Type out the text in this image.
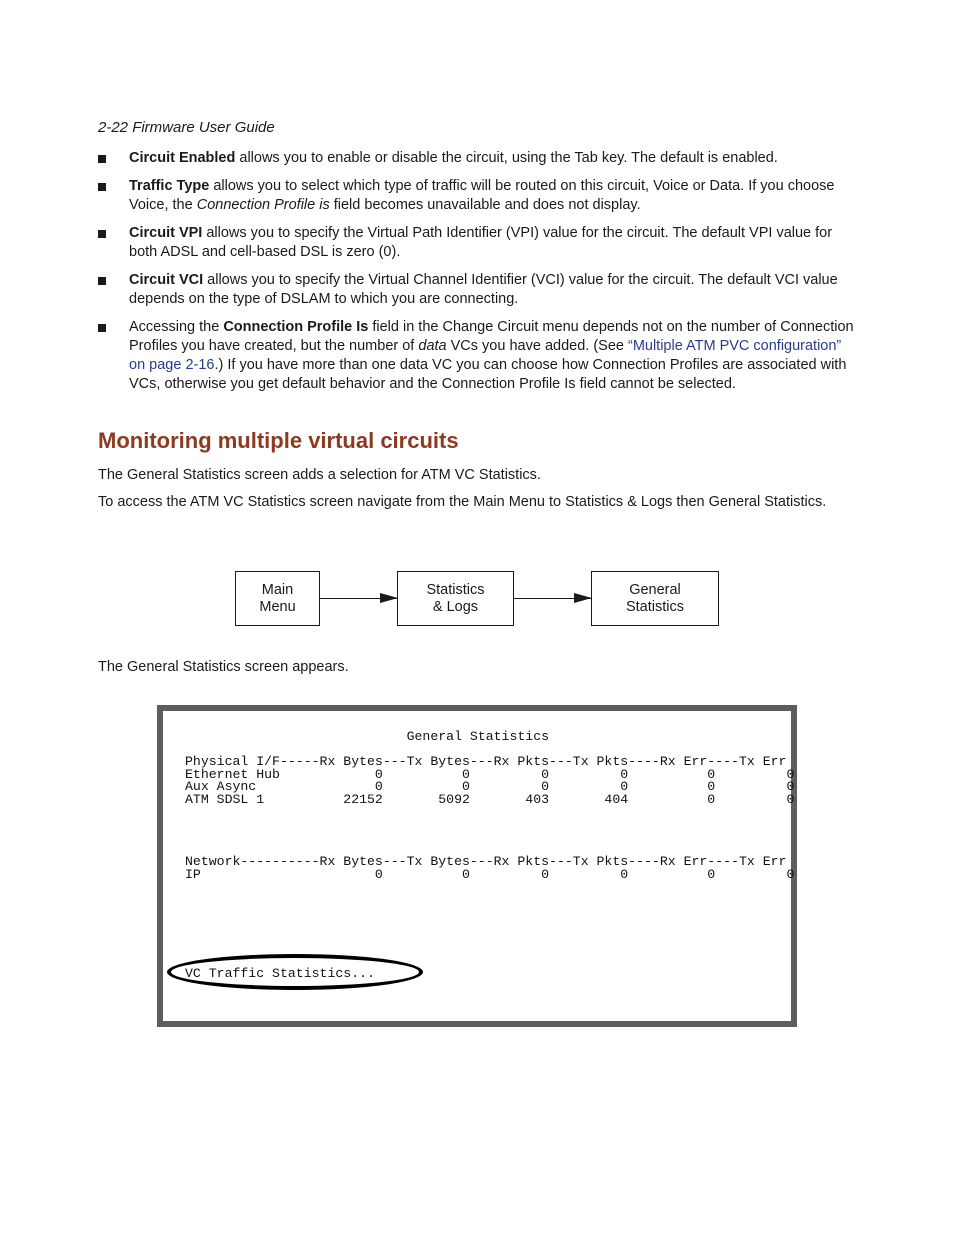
2-22 Firmware User Guide
Circuit Enabled allows you to enable or disable the circuit, using the Tab key. The default is enabled.
Traffic Type allows you to select which type of traffic will be routed on this circuit, Voice or Data. If you choose Voice, the Connection Profile is field becomes unavailable and does not display.
Circuit VPI allows you to specify the Virtual Path Identifier (VPI) value for the circuit. The default VPI value for both ADSL and cell-based DSL is zero (0).
Circuit VCI allows you to specify the Virtual Channel Identifier (VCI) value for the circuit. The default VCI value depends on the type of DSLAM to which you are connecting.
Accessing the Connection Profile Is field in the Change Circuit menu depends not on the number of Connection Profiles you have created, but the number of data VCs you have added. (See “Multiple ATM PVC configuration” on page 2-16.) If you have more than one data VC you can choose how Connection Profiles are associated with VCs, otherwise you get default behavior and the Connection Profile Is field cannot be selected.
Monitoring multiple virtual circuits

The General Statistics screen adds a selection for ATM VC Statistics.

To access the ATM VC Statistics screen navigate from the Main Menu to Statistics & Logs then General Statistics.

Main
Menu
Statistics
& Logs
General
Statistics

The General Statistics screen appears.

General Statistics
Physical I/F-----Rx Bytes---Tx Bytes---Rx Pkts---Tx Pkts----Rx Err----Tx Err
Ethernet Hub            0          0         0         0          0         0
Aux Async               0          0         0         0          0         0
ATM SDSL 1          22152       5092       403       404          0         0
Network----------Rx Bytes---Tx Bytes---Rx Pkts---Tx Pkts----Rx Err----Tx Err
IP                      0          0         0         0          0         0
VC Traffic Statistics...
